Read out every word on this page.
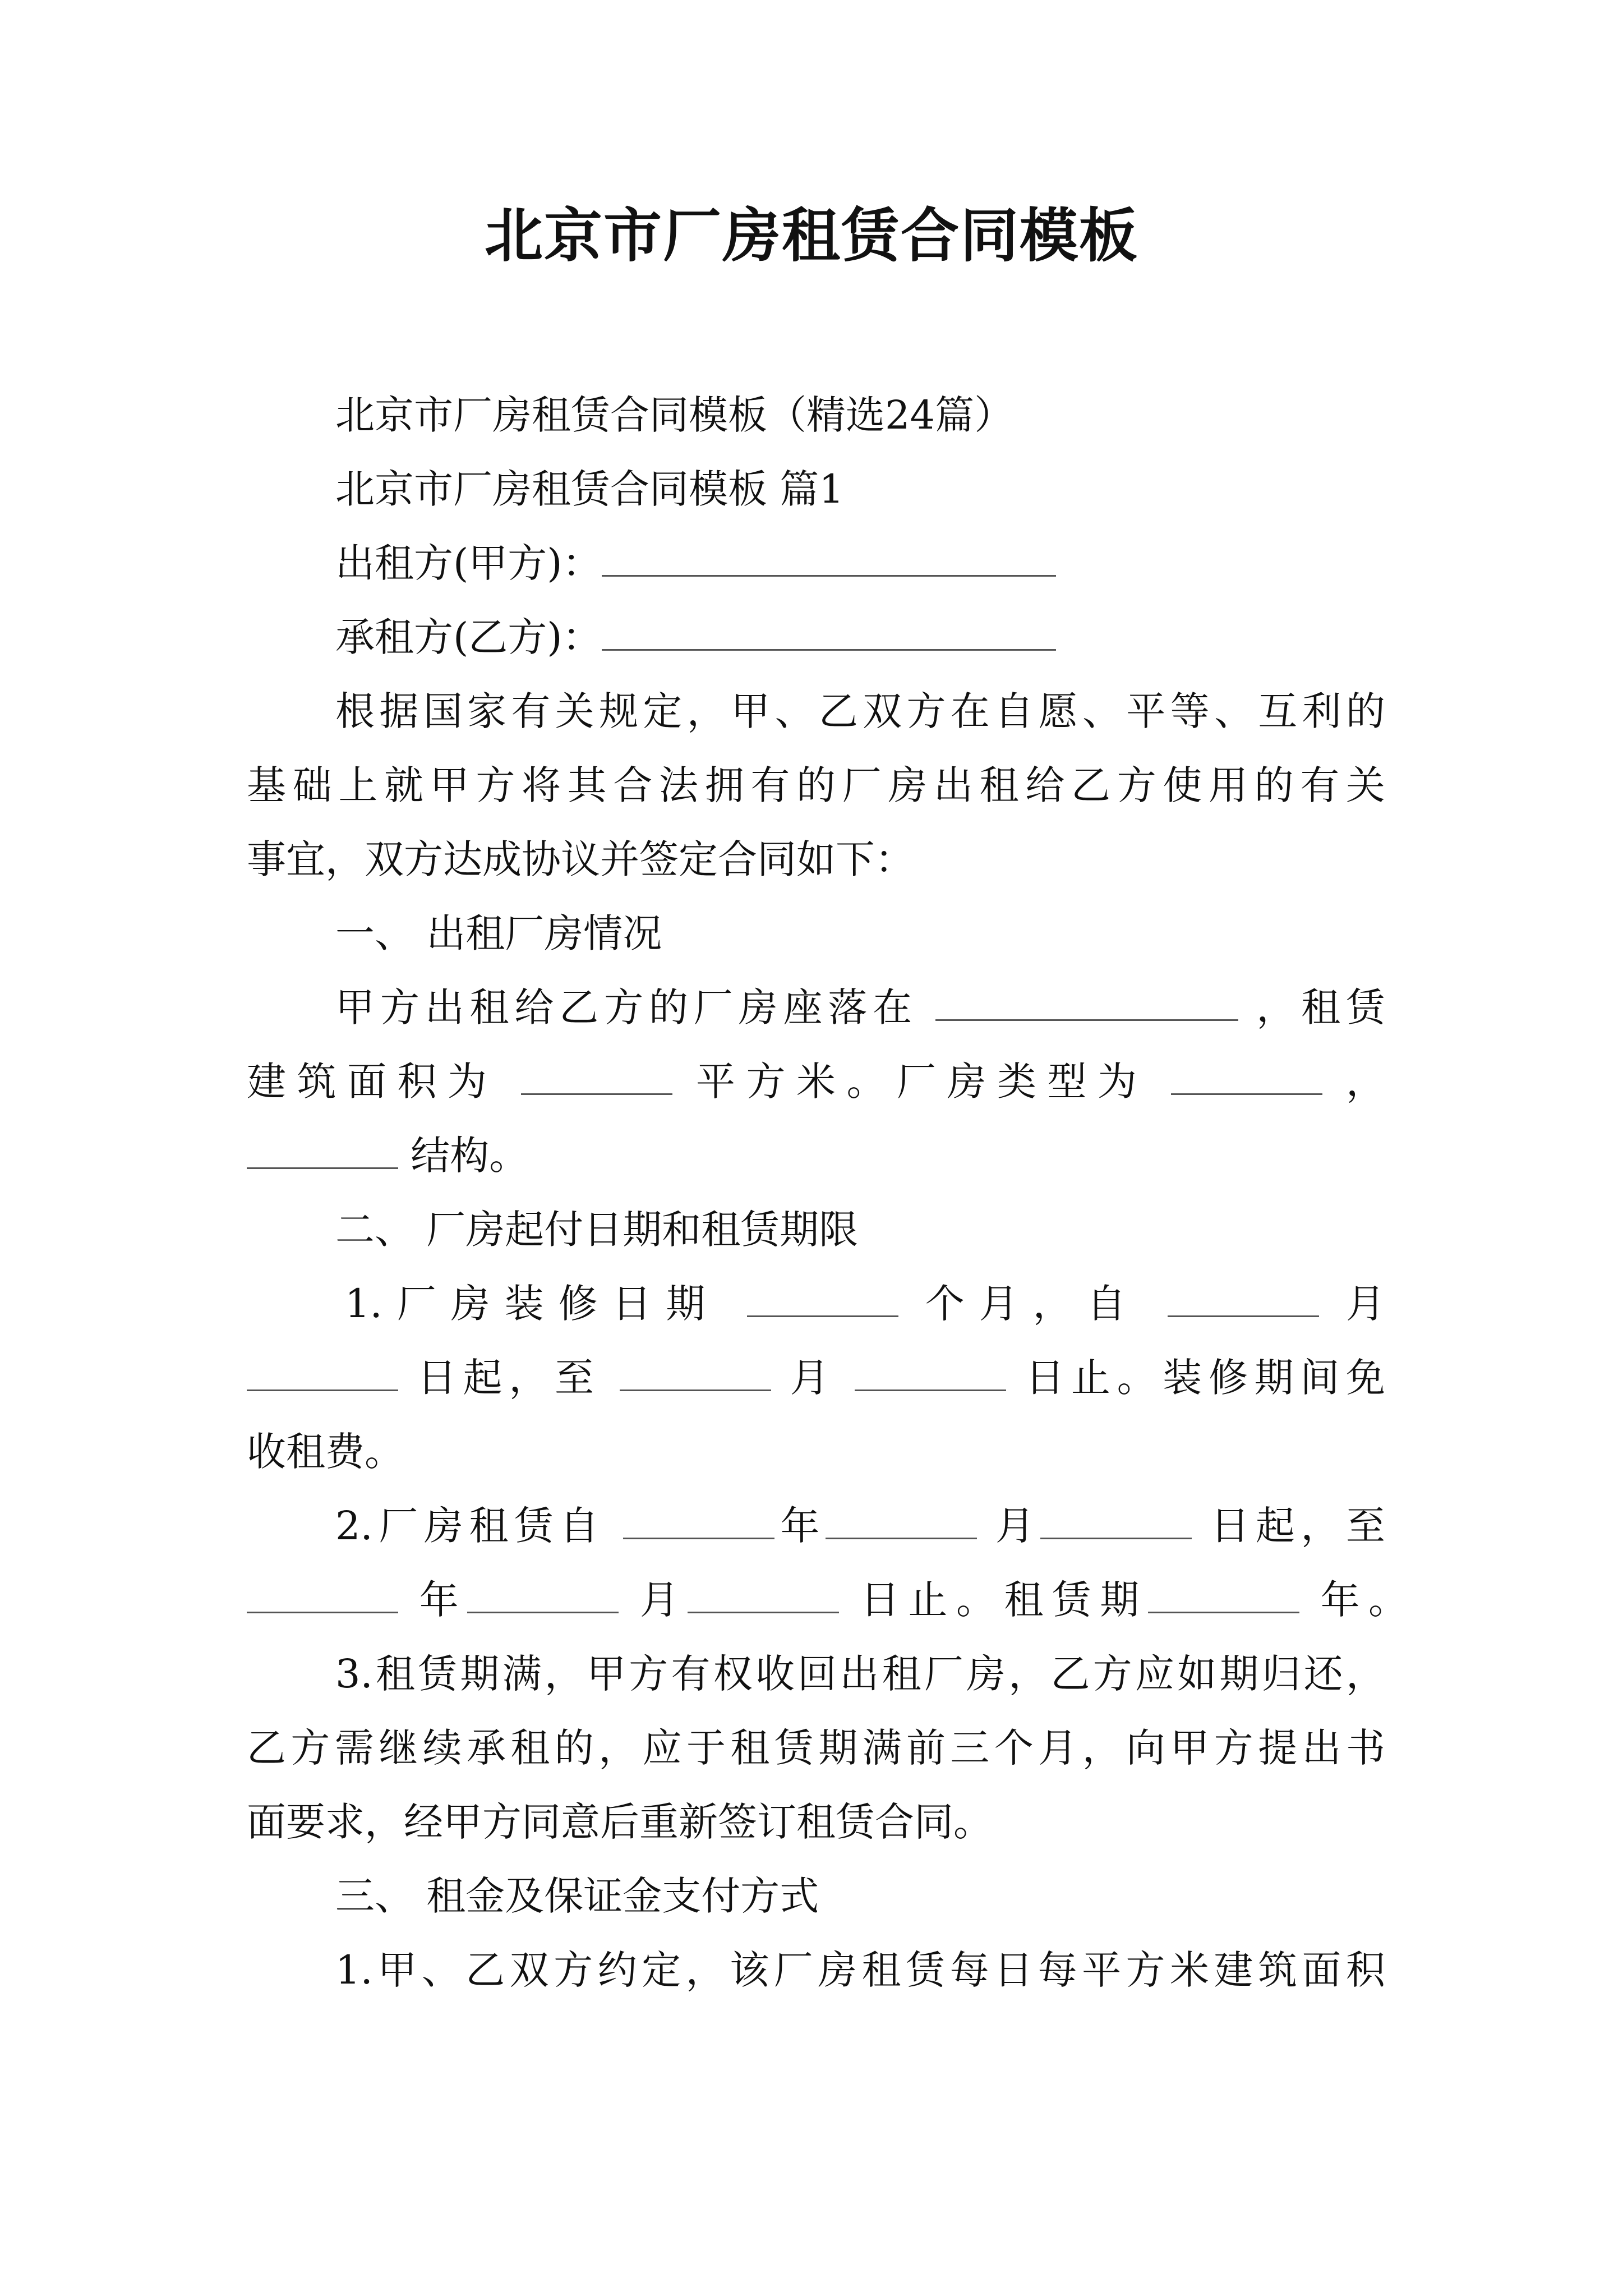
北京市厂房租赁合同模板
北京市厂房租赁合同模板（精选24篇）
北京市厂房租赁合同模板 篇1
出租方(甲方)：
承租方(乙方)：
根据国家有关规定，甲、乙双方在自愿、平等、互利的
基础上就甲方将其合法拥有的厂房出租给乙方使用的有关
事宜，双方达成协议并签定合同如下：
一、 出租厂房情况
甲方出租给乙方的厂房座落在	，租赁
建筑面积为	平方米。厂房类型为	，
结构。
二、 厂房起付日期和租赁期限
1.厂房装修日期	个月，自	月
日起，至	月	日止。装修期间免
收租费。
2.厂房租赁自	年	月	日起，至
年	月	日止。租赁期	年。
3.租赁期满，甲方有权收回出租厂房，乙方应如期归还，
乙方需继续承租的，应于租赁期满前三个月，向甲方提出书
面要求，经甲方同意后重新签订租赁合同。
三、 租金及保证金支付方式
1.甲、乙双方约定，该厂房租赁每日每平方米建筑面积
